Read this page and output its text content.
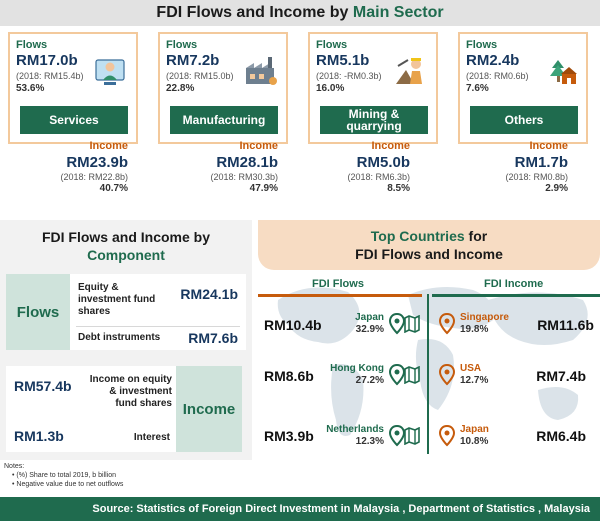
FDI Flows and Income by Main Sector
Flows
RM17.0b
(2018: RM15.4b)
53.6%
Services
Income
RM23.9b
(2018: RM22.8b)
40.7%
Flows
RM7.2b
(2018: RM15.0b)
22.8%
Manufacturing
Income
RM28.1b
(2018: RM30.3b)
47.9%
Flows
RM5.1b
(2018: -RM0.3b)
16.0%
Mining & quarrying
Income
RM5.0b
(2018: RM6.3b)
8.5%
Flows
RM2.4b
(2018: RM0.6b)
7.6%
Others
Income
RM1.7b
(2018: RM0.8b)
2.9%
FDI Flows and Income by
Component
Flows
Equity & investment fund shares
RM24.1b
Debt instruments RM7.6b
RM57.4b	Income on equity & investment fund shares
RM1.3b	Interest
Income
Top Countries for
FDI Flows and Income
FDI Flows	FDI Income
RM10.4b	Japan
32.9%
RM8.6b	Hong Kong
27.2%
RM3.9b	Netherlands
12.3%
Singapore
19.8%	RM11.6b
USA
12.7%	RM7.4b
Japan
10.8%	RM6.4b
Notes:
• (%) Share to total 2019, b billion
• Negative value due to net outflows
Source: Statistics of Foreign Direct Investment in Malaysia , Department of Statistics , Malaysia
